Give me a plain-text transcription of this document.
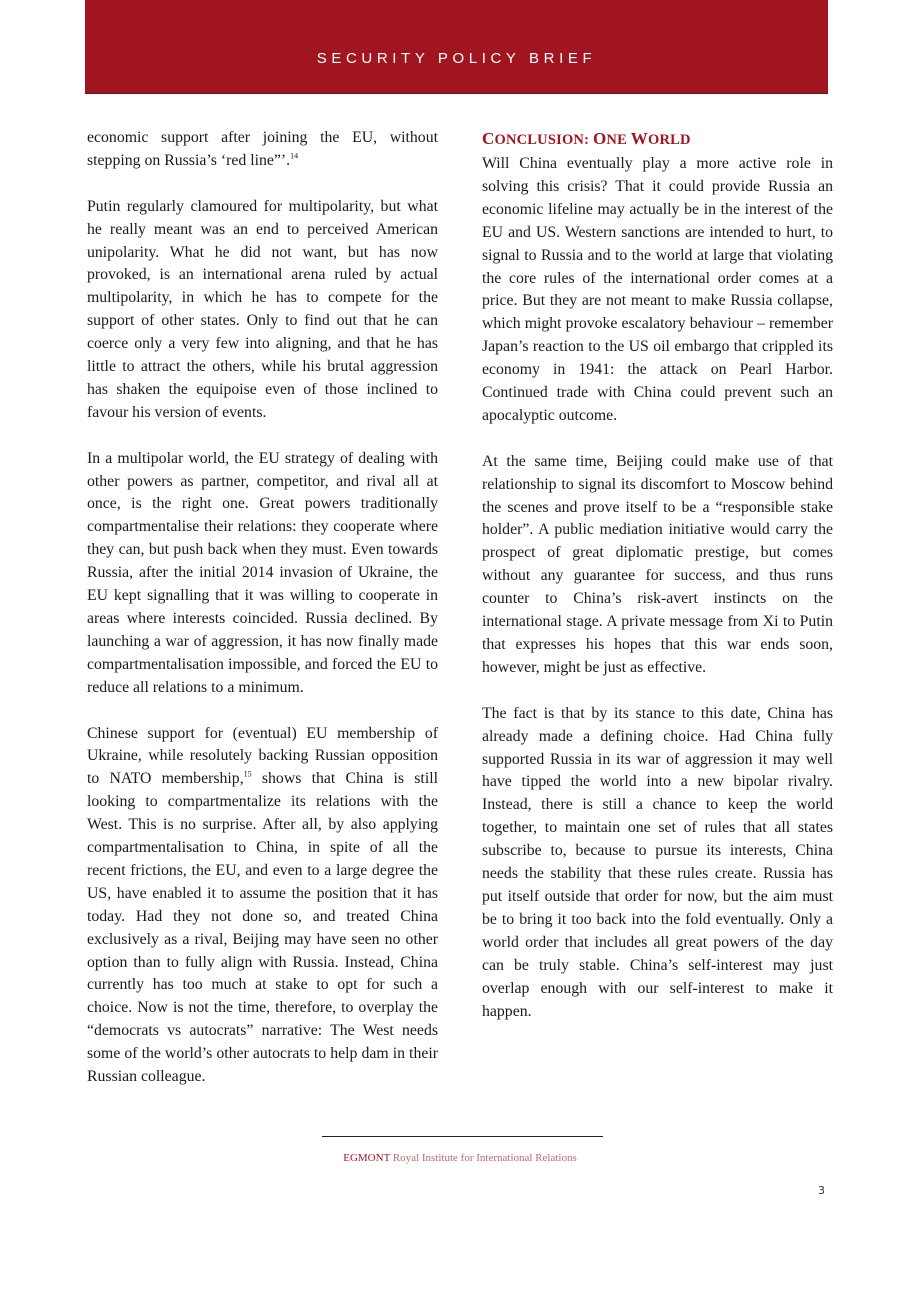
SECURITY POLICY BRIEF

economic support after joining the EU, without stepping on Russia’s ‘red line”’.$^{14}$

Putin regularly clamoured for multipolarity, but what he really meant was an end to perceived American unipolarity. What he did not want, but has now provoked, is an international arena ruled by actual multipolarity, in which he has to compete for the support of other states. Only to find out that he can coerce only a very few into aligning, and that he has little to attract the others, while his brutal aggression has shaken the equipoise even of those inclined to favour his version of events.

In a multipolar world, the EU strategy of dealing with other powers as partner, competitor, and rival all at once, is the right one. Great powers traditionally compartmentalise their relations: they cooperate where they can, but push back when they must. Even towards Russia, after the initial 2014 invasion of Ukraine, the EU kept signalling that it was willing to cooperate in areas where interests coincided. Russia declined. By launching a war of aggression, it has now finally made compartmentalisation impossible, and forced the EU to reduce all relations to a minimum.

Chinese support for (eventual) EU membership of Ukraine, while resolutely backing Russian opposition to NATO membership,$^{15}$ shows that China is still looking to compartmentalize its relations with the West. This is no surprise. After all, by also applying compartmentalisation to China, in spite of all the recent frictions, the EU, and even to a large degree the US, have enabled it to assume the position that it has today. Had they not done so, and treated China exclusively as a rival, Beijing may have seen no other option than to fully align with Russia. Instead, China currently has too much at stake to opt for such a choice. Now is not the time, therefore, to overplay the “democrats vs autocrats” narrative: The West needs some of the world’s other autocrats to help dam in their Russian colleague.

CONCLUSION: ONE WORLD

Will China eventually play a more active role in solving this crisis? That it could provide Russia an economic lifeline may actually be in the interest of the EU and US. Western sanctions are intended to hurt, to signal to Russia and to the world at large that violating the core rules of the international order comes at a price. But they are not meant to make Russia collapse, which might provoke escalatory behaviour – remember Japan’s reaction to the US oil embargo that crippled its economy in 1941: the attack on Pearl Harbor. Continued trade with China could prevent such an apocalyptic outcome.

At the same time, Beijing could make use of that relationship to signal its discomfort to Moscow behind the scenes and prove itself to be a “responsible stake holder”. A public mediation initiative would carry the prospect of great diplomatic prestige, but comes without any guarantee for success, and thus runs counter to China’s risk-avert instincts on the international stage. A private message from Xi to Putin that expresses his hopes that this war ends soon, however, might be just as effective.

The fact is that by its stance to this date, China has already made a defining choice. Had China fully supported Russia in its war of aggression it may well have tipped the world into a new bipolar rivalry. Instead, there is still a chance to keep the world together, to maintain one set of rules that all states subscribe to, because to pursue its interests, China needs the stability that these rules create. Russia has put itself outside that order for now, but the aim must be to bring it too back into the fold eventually. Only a world order that includes all great powers of the day can be truly stable. China’s self-interest may just overlap enough with our self-interest to make it happen.

EGMONT Royal Institute for International Relations
3
